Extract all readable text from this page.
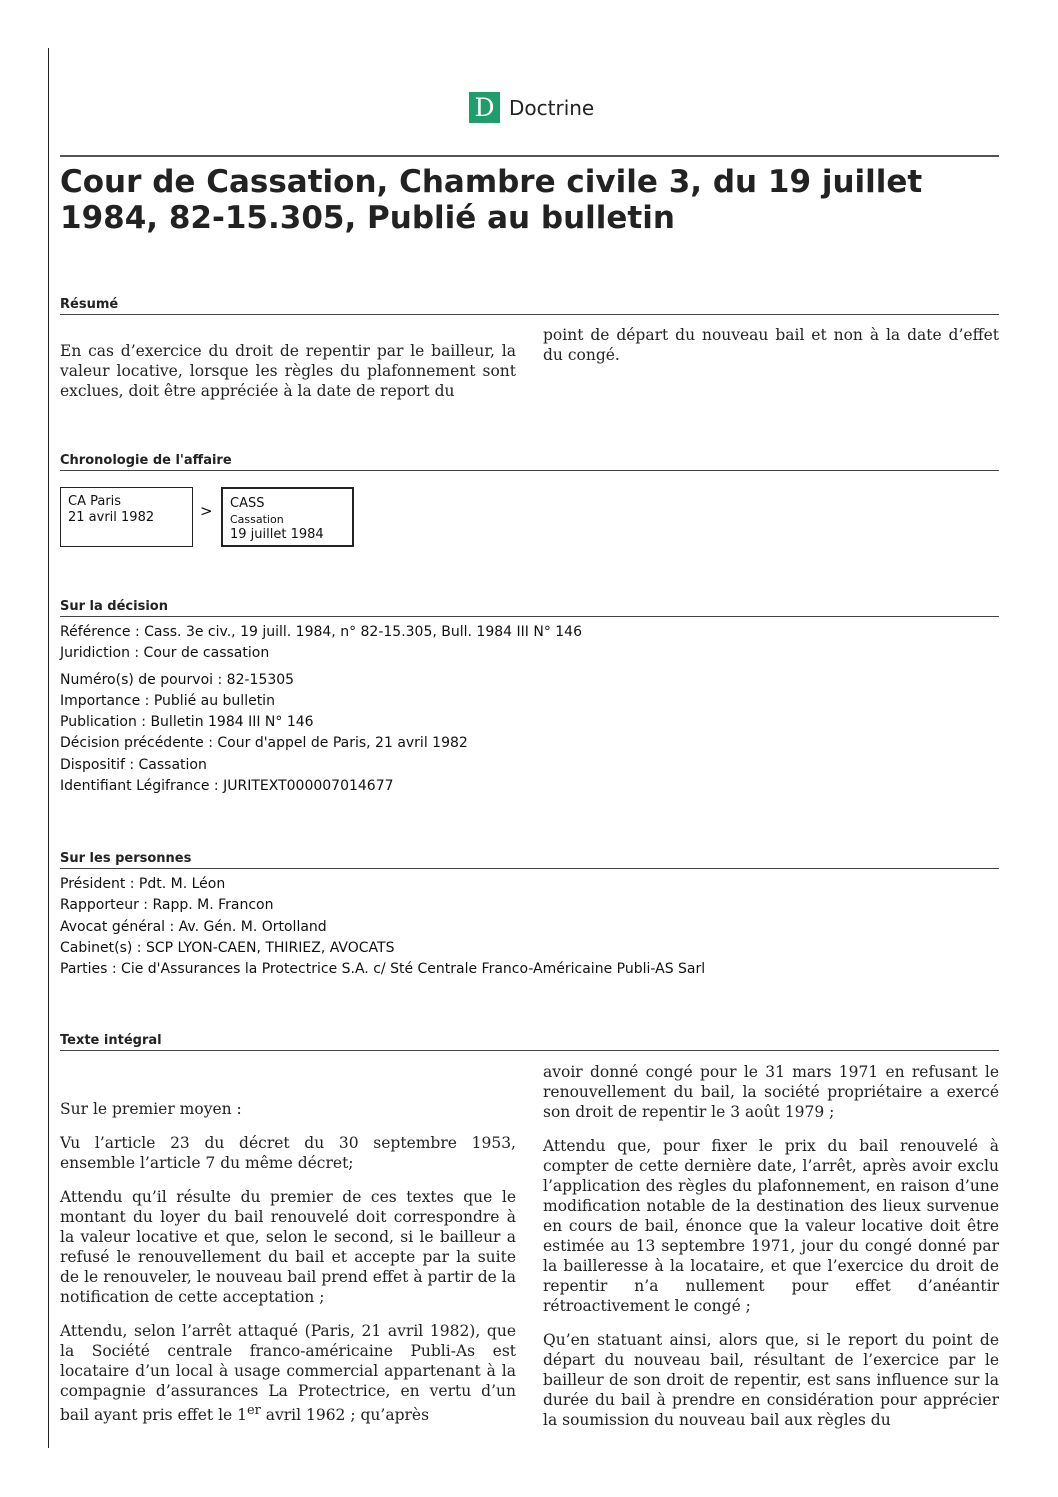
D Doctrine
Cour de Cassation, Chambre civile 3, du 19 juillet 1984, 82-15.305, Publié au bulletin
Résumé
En cas d’exercice du droit de repentir par le bailleur, la valeur locative, lorsque les règles du plafonnement sont exclues, doit être appréciée à la date de report du
point de départ du nouveau bail et non à la date d’effet du congé.
Chronologie de l'affaire
CA Paris
21 avril 1982	> CASS
Cassation
19 juillet 1984
Sur la décision
Référence : Cass. 3e civ., 19 juill. 1984, n° 82-15.305, Bull. 1984 III N° 146
Juridiction : Cour de cassation
Numéro(s) de pourvoi : 82-15305
Importance : Publié au bulletin
Publication : Bulletin 1984 III N° 146
Décision précédente : Cour d'appel de Paris, 21 avril 1982
Dispositif : Cassation
Identifiant Légifrance : JURITEXT000007014677
Sur les personnes
Président : Pdt. M. Léon
Rapporteur : Rapp. M. Francon
Avocat général : Av. Gén. M. Ortolland
Cabinet(s) : SCP LYON-CAEN, THIRIEZ, AVOCATS
Parties : Cie d'Assurances la Protectrice S.A. c/ Sté Centrale Franco-Américaine Publi-AS Sarl
Texte intégral

Sur le premier moyen :

Vu l’article 23 du décret du 30 septembre 1953, ensemble l’article 7 du même décret;

Attendu qu’il résulte du premier de ces textes que le montant du loyer du bail renouvelé doit correspondre à la valeur locative et que, selon le second, si le bailleur a refusé le renouvellement du bail et accepte par la suite de le renouveler, le nouveau bail prend effet à partir de la notification de cette acceptation ;

Attendu, selon l’arrêt attaqué (Paris, 21 avril 1982), que la Société centrale franco-américaine Publi-As est locataire d’un local à usage commercial appartenant à la compagnie d’assurances La Protectrice, en vertu d’un bail ayant pris effet le 1er avril 1962 ; qu’après

avoir donné congé pour le 31 mars 1971 en refusant le renouvellement du bail, la société propriétaire a exercé son droit de repentir le 3 août 1979 ;

Attendu que, pour fixer le prix du bail renouvelé à compter de cette dernière date, l’arrêt, après avoir exclu l’application des règles du plafonnement, en raison d’une modification notable de la destination des lieux survenue en cours de bail, énonce que la valeur locative doit être estimée au 13 septembre 1971, jour du congé donné par la bailleresse à la locataire, et que l’exercice du droit de repentir n’a nullement pour effet d’anéantir rétroactivement le congé ;

Qu’en statuant ainsi, alors que, si le report du point de départ du nouveau bail, résultant de l’exercice par le bailleur de son droit de repentir, est sans influence sur la durée du bail à prendre en considération pour apprécier la soumission du nouveau bail aux règles du
